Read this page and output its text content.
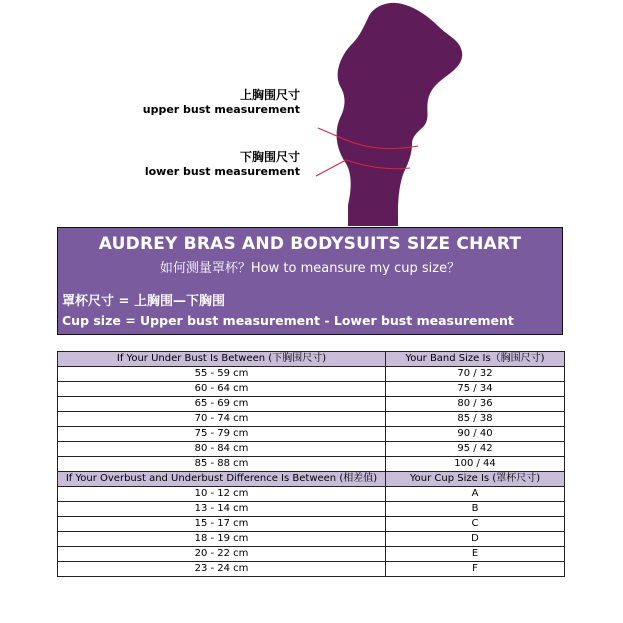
上胸围尺寸
upper bust measurement
下胸围尺寸
lower bust measurement
AUDREY BRAS AND BODYSUITS SIZE CHART
如何测量罩杯？How to meansure my cup size？
罩杯尺寸 = 上胸围—下胸围
Cup size = Upper bust measurement - Lower bust measurement
If Your Under Bust Is Between (下胸围尺寸)	Your Band Size Is（胸围尺寸)
55 - 59 cm	70 / 32
60 - 64 cm	75 / 34
65 - 69 cm	80 / 36
70 - 74 cm	85 / 38
75 - 79 cm	90 / 40
80 - 84 cm	95 / 42
85 - 88 cm	100 / 44
If Your Overbust and Underbust Difference Is Between (相差值)	Your Cup Size Is (罩杯尺寸)
10 - 12 cm	A
13 - 14 cm	B
15 - 17 cm	C
18 - 19 cm	D
20 - 22 cm	E
23 - 24 cm	F
